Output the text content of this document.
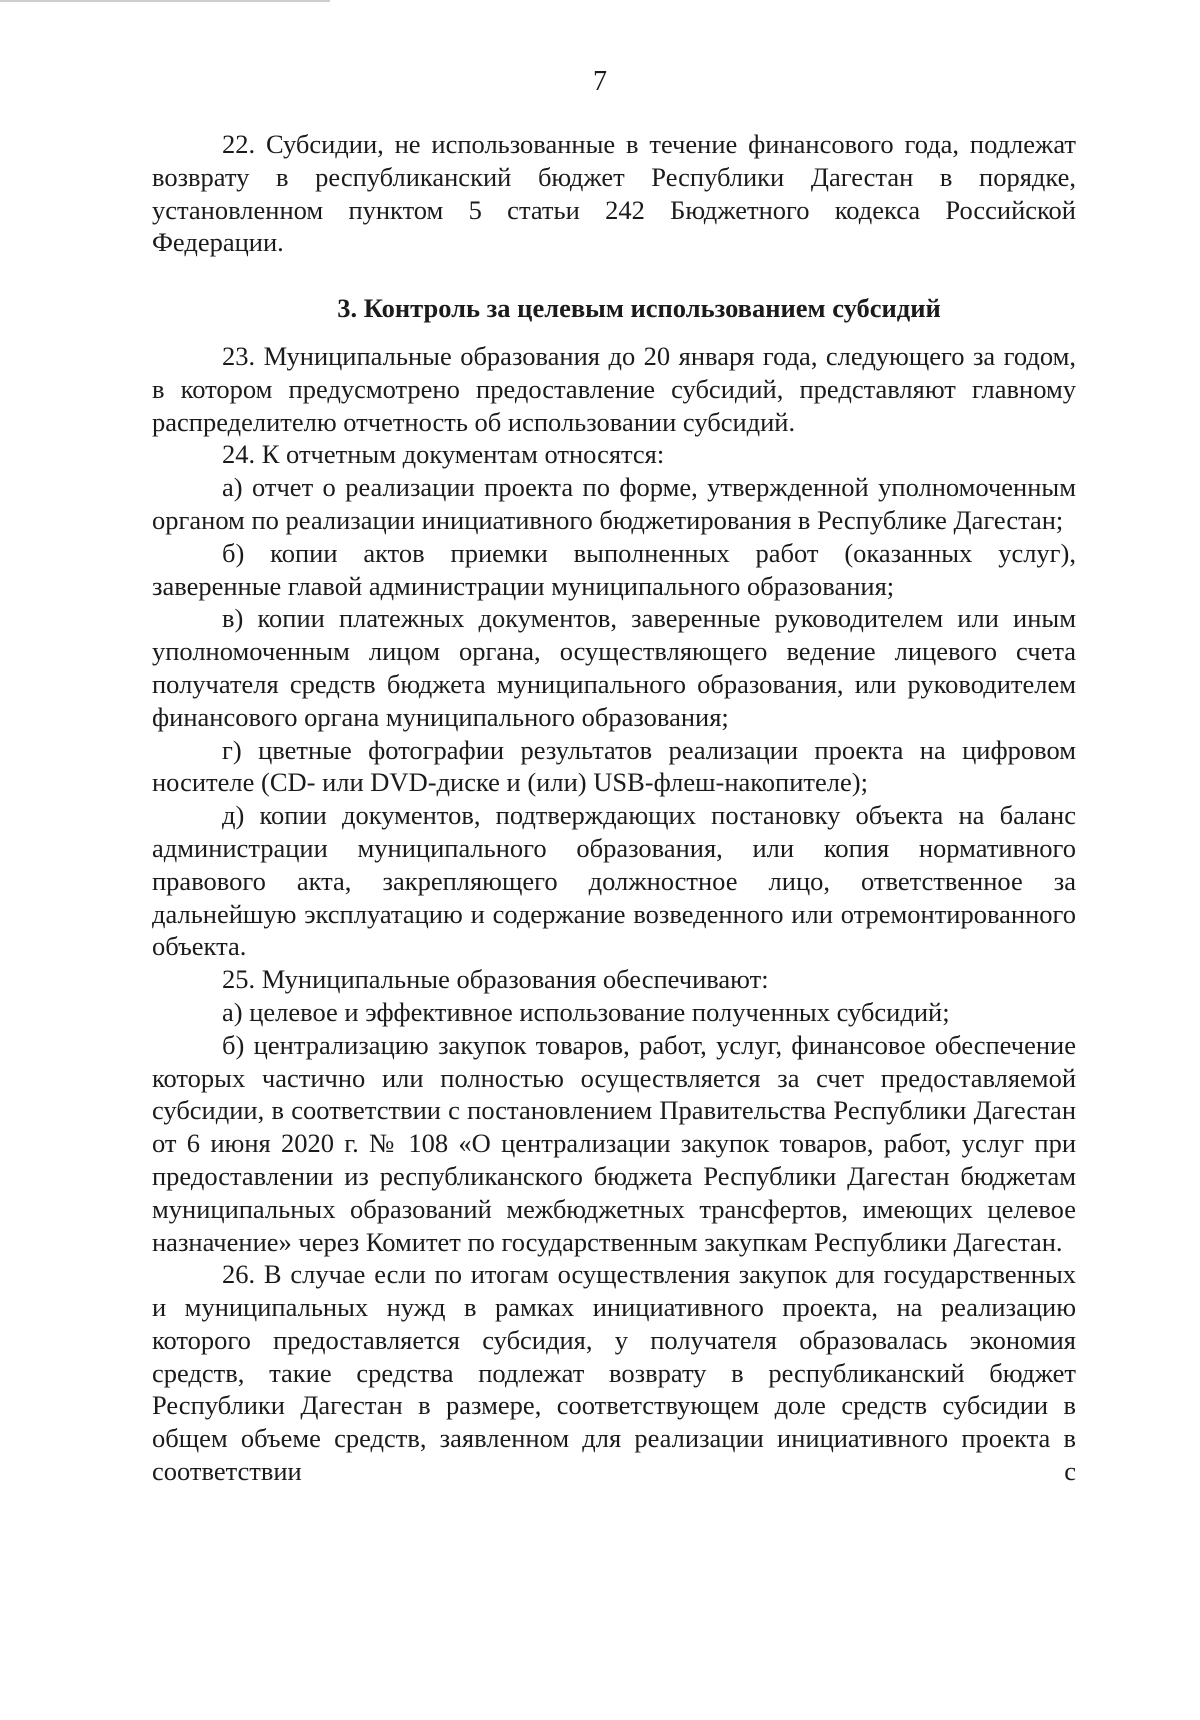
7

22. Субсидии, не использованные в течение финансового года, подлежат возврату в республиканский бюджет Республики Дагестан в порядке, установленном пунктом 5 статьи 242 Бюджетного кодекса Российской Федерации.

3. Контроль за целевым использованием субсидий

23. Муниципальные образования до 20 января года, следующего за годом, в котором предусмотрено предоставление субсидий, представляют главному распределителю отчетность об использовании субсидий.

24. К отчетным документам относятся:

а) отчет о реализации проекта по форме, утвержденной уполномоченным органом по реализации инициативного бюджетирования в Республике Дагестан;

б) копии актов приемки выполненных работ (оказанных услуг), заверенные главой администрации муниципального образования;

в) копии платежных документов, заверенные руководителем или иным уполномоченным лицом органа, осуществляющего ведение лицевого счета получателя средств бюджета муниципального образования, или руководителем финансового органа муниципального образования;

г) цветные фотографии результатов реализации проекта на цифровом носителе (CD- или DVD-диске и (или) USB-флеш-накопителе);

д) копии документов, подтверждающих постановку объекта на баланс администрации муниципального образования, или копия нормативного правового акта, закрепляющего должностное лицо, ответственное за дальнейшую эксплуатацию и содержание возведенного или отремонтированного объекта.

25. Муниципальные образования обеспечивают:

а) целевое и эффективное использование полученных субсидий;

б) централизацию закупок товаров, работ, услуг, финансовое обеспечение которых частично или полностью осуществляется за счет предоставляемой субсидии, в соответствии с постановлением Правительства Республики Дагестан от 6 июня 2020 г. № 108 «О централизации закупок товаров, работ, услуг при предоставлении из республиканского бюджета Республики Дагестан бюджетам муниципальных образований межбюджетных трансфертов, имеющих целевое назначение» через Комитет по государственным закупкам Республики Дагестан.

26. В случае если по итогам осуществления закупок для государственных и муниципальных нужд в рамках инициативного проекта, на реализацию которого предоставляется субсидия, у получателя образовалась экономия средств, такие средства подлежат возврату в республиканский бюджет Республики Дагестан в размере, соответствующем доле средств субсидии в общем объеме средств, заявленном для реализации инициативного проекта в соответствии с
